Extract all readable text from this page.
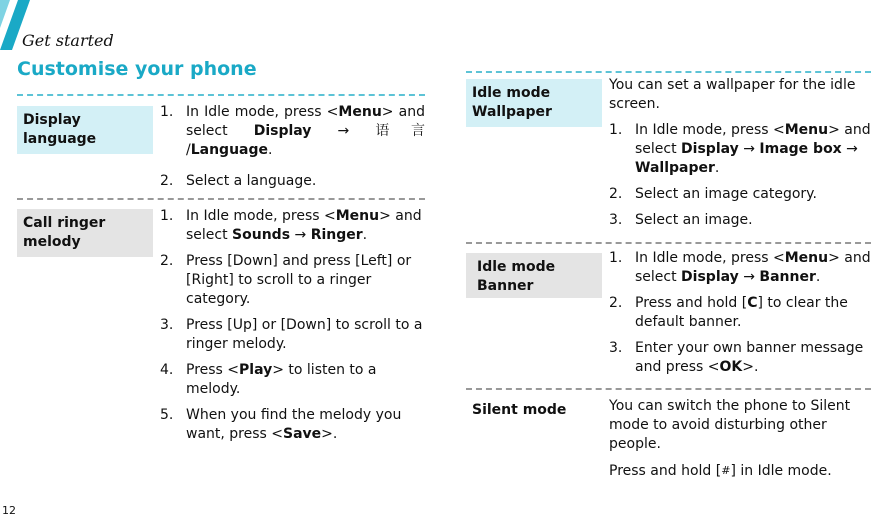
Get started
Customise your phone
Display language
1. In Idle mode, press <Menu> and select Display → 语言 /Language.
2. Select a language.
Call ringer melody
1. In Idle mode, press <Menu> and select Sounds → Ringer.
2. Press [Down] and press [Left] or [Right] to scroll to a ringer category.
3. Press [Up] or [Down] to scroll to a ringer melody.
4. Press <Play> to listen to a melody.
5. When you find the melody you want, press <Save>.
Idle mode Wallpaper

You can set a wallpaper for the idle screen.

1. In Idle mode, press <Menu> and select Display → Image box → Wallpaper.
2. Select an image category.
3. Select an image.
Idle mode Banner
1. In Idle mode, press <Menu> and select Display → Banner.
2. Press and hold [C] to clear the default banner.
3. Enter your own banner message and press <OK>.
Silent mode	You can switch the phone to Silent mode to avoid disturbing other people.

Press and hold [#] in Idle mode.

12
